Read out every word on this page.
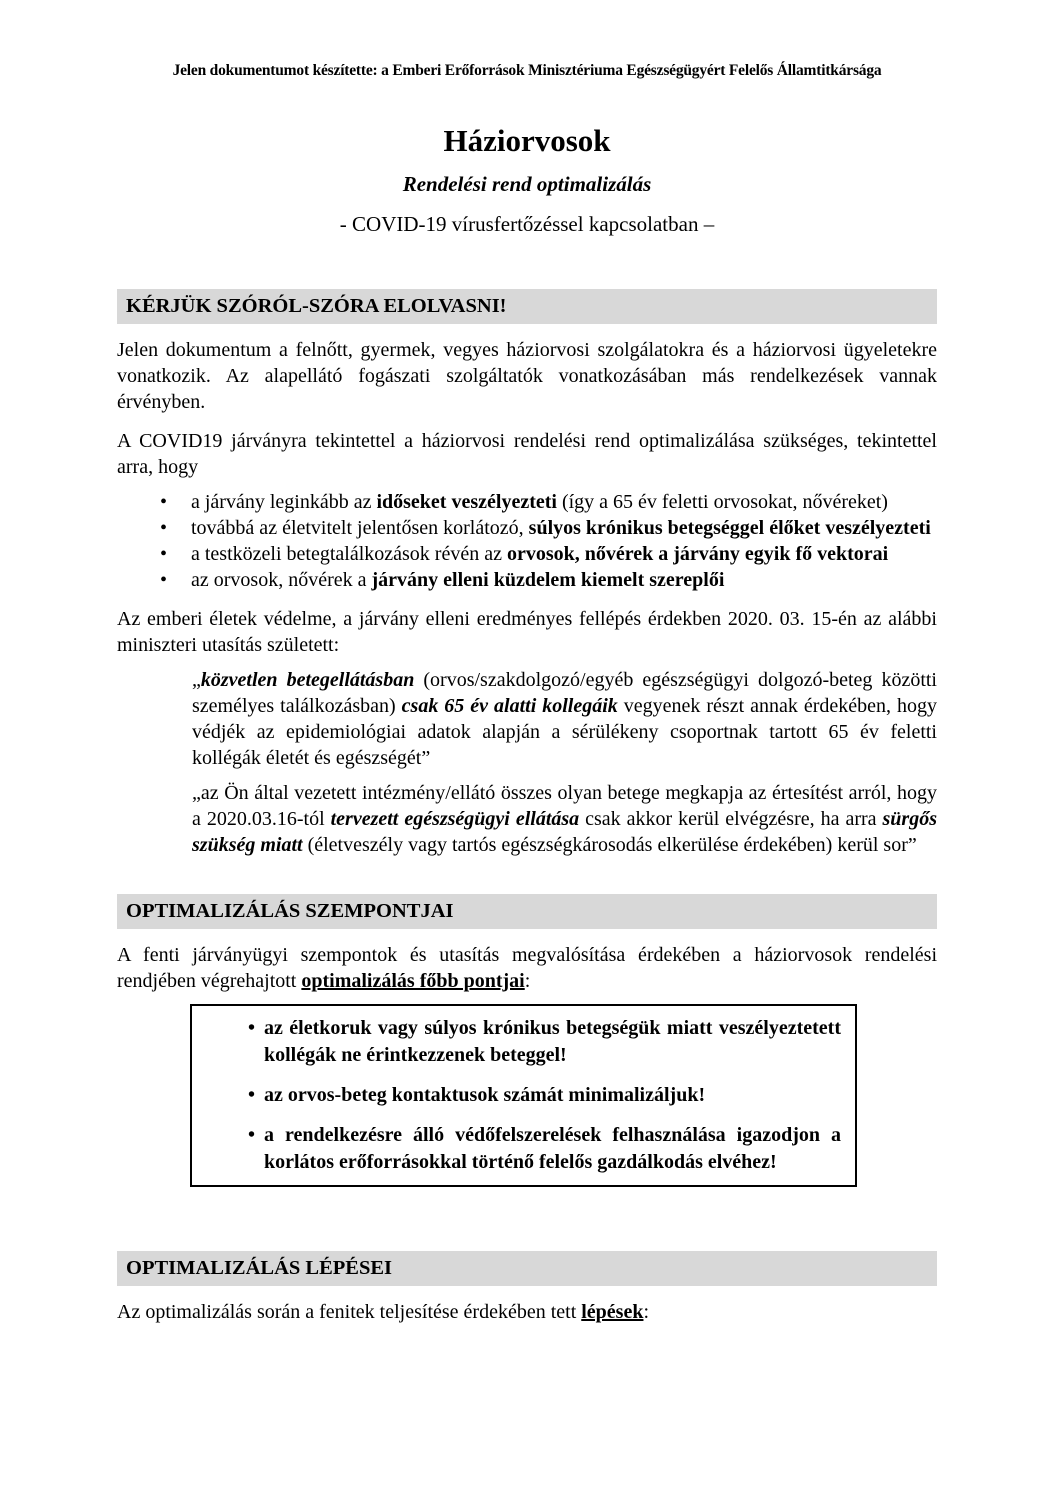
Jelen dokumentumot készítette: a Emberi Erőforrások Minisztériuma Egészségügyért Felelős Államtitkársága

Háziorvosok
Rendelési rend optimalizálás

- COVID-19 vírusfertőzéssel kapcsolatban –

KÉRJÜK SZÓRÓL-SZÓRA ELOLVASNI!

Jelen dokumentum a felnőtt, gyermek, vegyes háziorvosi szolgálatokra és a háziorvosi ügyeletekre vonatkozik. Az alapellátó fogászati szolgáltatók vonatkozásában más rendelkezések vannak érvényben.

A COVID19 járványra tekintettel a háziorvosi rendelési rend optimalizálása szükséges, tekintettel arra, hogy

• a járvány leginkább az időseket veszélyezteti (így a 65 év feletti orvosokat, nővéreket)
• továbbá az életvitelt jelentősen korlátozó, súlyos krónikus betegséggel élőket veszélyezteti
• a testközeli betegtalálkozások révén az orvosok, nővérek a járvány egyik fő vektorai
• az orvosok, nővérek a járvány elleni küzdelem kiemelt szereplői

Az emberi életek védelme, a járvány elleni eredményes fellépés érdekben 2020. 03. 15-én az alábbi miniszteri utasítás született:

„közvetlen betegellátásban (orvos/szakdolgozó/egyéb egészségügyi dolgozó-beteg közötti személyes találkozásban) csak 65 év alatti kollegáik vegyenek részt annak érdekében, hogy védjék az epidemiológiai adatok alapján a sérülékeny csoportnak tartott 65 év feletti kollégák életét és egészségét”

„az Ön által vezetett intézmény/ellátó összes olyan betege megkapja az értesítést arról, hogy a 2020.03.16-tól tervezett egészségügyi ellátása csak akkor kerül elvégzésre, ha arra sürgős szükség miatt (életveszély vagy tartós egészségkárosodás elkerülése érdekében) kerül sor”

OPTIMALIZÁLÁS SZEMPONTJAI

A fenti járványügyi szempontok és utasítás megvalósítása érdekében a háziorvosok rendelési rendjében végrehajtott optimalizálás főbb pontjai:

• az életkoruk vagy súlyos krónikus betegségük miatt veszélyeztetett kollégák ne érintkezzenek beteggel!
• az orvos-beteg kontaktusok számát minimalizáljuk!
• a rendelkezésre álló védőfelszerelések felhasználása igazodjon a korlátos erőforrásokkal történő felelős gazdálkodás elvéhez!
OPTIMALIZÁLÁS LÉPÉSEI

Az optimalizálás során a fenitek teljesítése érdekében tett lépések:
